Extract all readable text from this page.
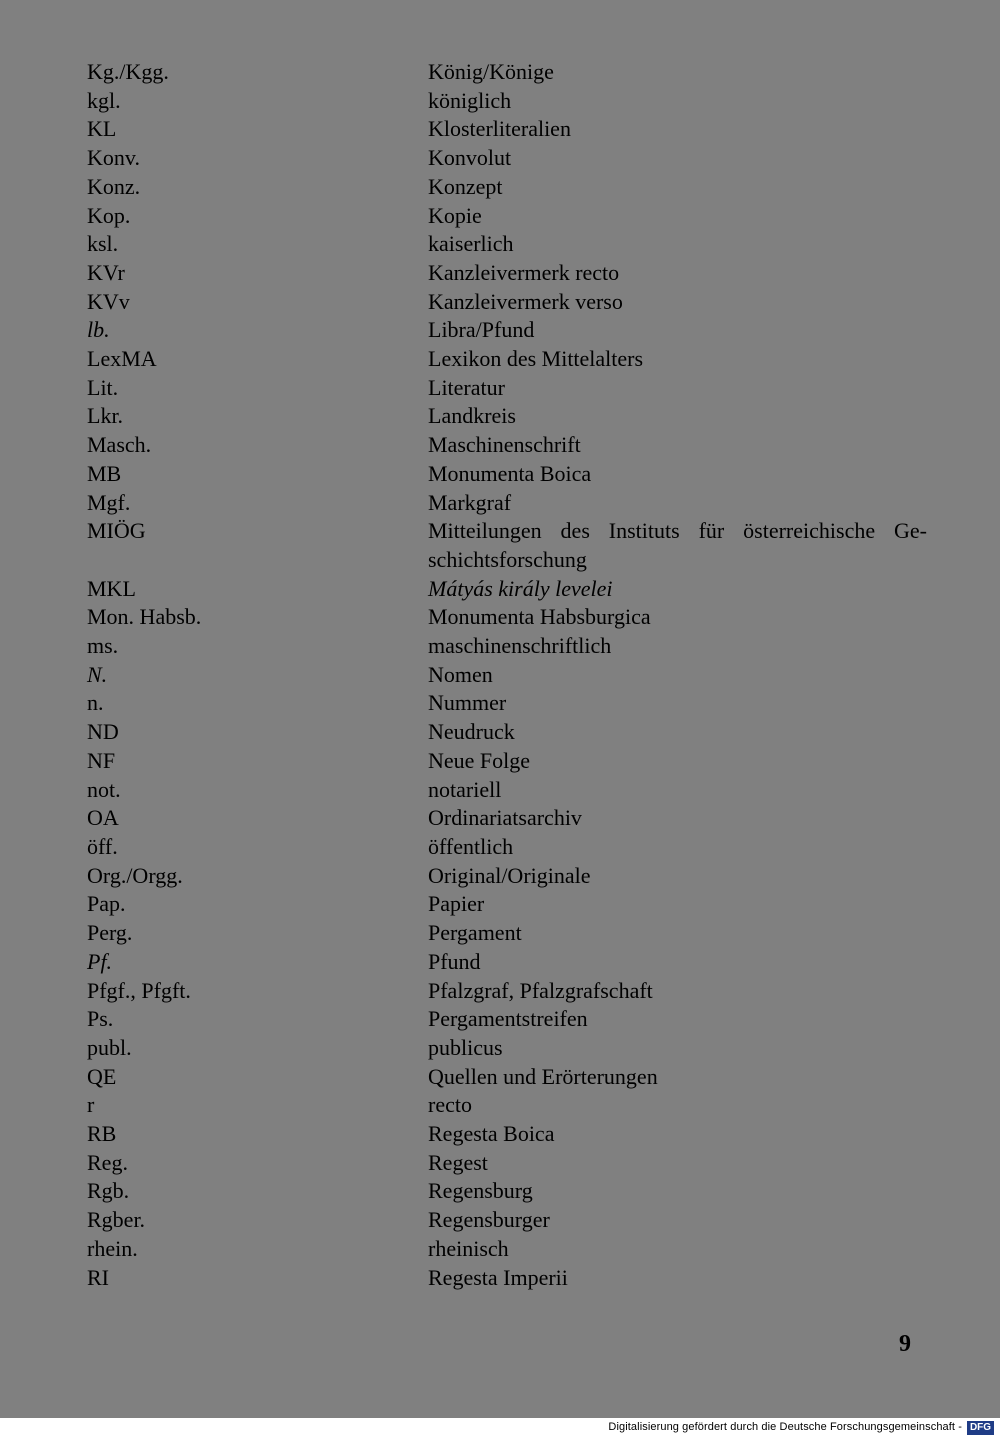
Kg./Kgg.	König/Könige
kgl.	königlich
KL	Klosterliteralien
Konv.	Konvolut
Konz.	Konzept
Kop.	Kopie
ksl.	kaiserlich
KVr	Kanzleivermerk recto
KVv	Kanzleivermerk verso
lb.	Libra/Pfund
LexMA	Lexikon des Mittelalters
Lit.	Literatur
Lkr.	Landkreis
Masch.	Maschinenschrift
MB	Monumenta Boica
Mgf.	Markgraf
MIÖG	Mitteilungen des Instituts für österreichische Ge-schichtsforschung
MKL	Mátyás király levelei
Mon. Habsb.	Monumenta Habsburgica
ms.	maschinenschriftlich
N.	Nomen
n.	Nummer
ND	Neudruck
NF	Neue Folge
not.	notariell
OA	Ordinariatsarchiv
öff.	öffentlich
Org./Orgg.	Original/Originale
Pap.	Papier
Perg.	Pergament
Pf.	Pfund
Pfgf., Pfgft.	Pfalzgraf, Pfalzgrafschaft
Ps.	Pergamentstreifen
publ.	publicus
QE	Quellen und Erörterungen
r	recto
RB	Regesta Boica
Reg.	Regest
Rgb.	Regensburg
Rgber.	Regensburger
rhein.	rheinisch
RI	Regesta Imperii
9
Digitalisierung gefördert durch die Deutsche Forschungsgemeinschaft - DFG
